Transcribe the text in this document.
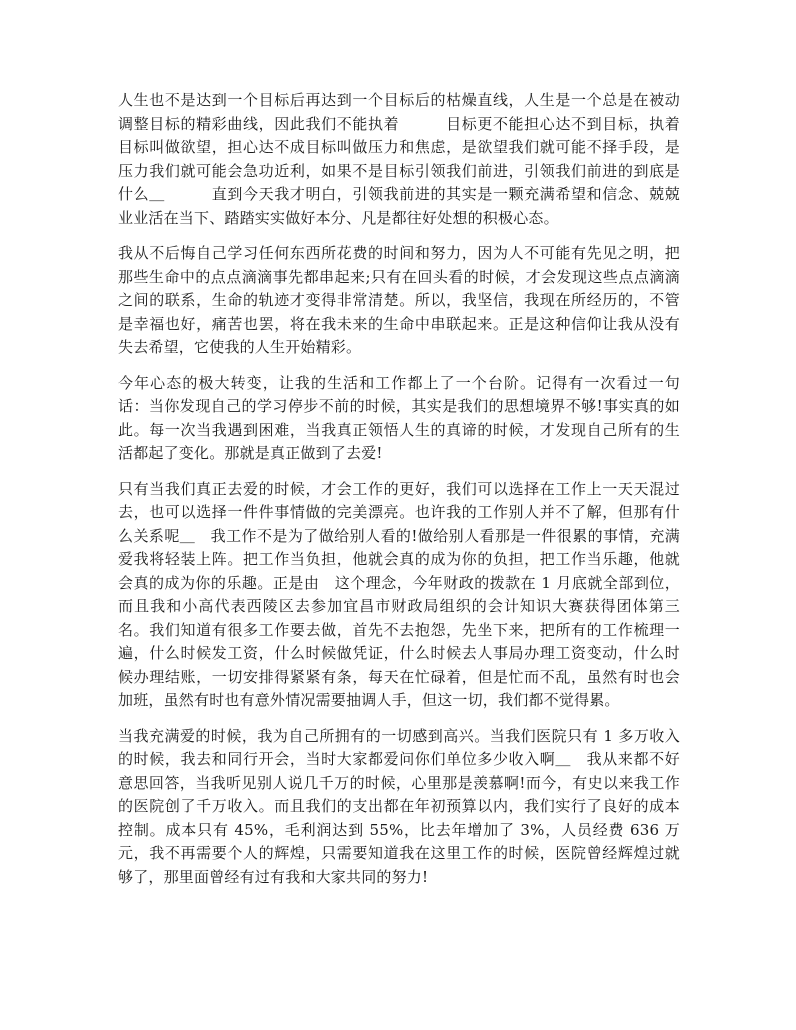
人生也不是达到一个目标后再达到一个目标后的枯燥直线，人生是一个总是在被动调整目标的精彩曲线，因此我们不能执着　　　目标更不能担心达不到目标，执着　　　目标叫做欲望，担心达不成目标叫做压力和焦虑，是欲望我们就可能不择手段，是压力我们就可能会急功近利，如果不是目标引领我们前进，引领我们前进的到底是什么＿　　　直到今天我才明白，引领我前进的其实是一颗充满希望和信念、兢兢业业活在当下、踏踏实实做好本分、凡是都往好处想的积极心态。

我从不后悔自己学习任何东西所花费的时间和努力，因为人不可能有先见之明，把那些生命中的点点滴滴事先都串起来;只有在回头看的时候，才会发现这些点点滴滴之间的联系，生命的轨迹才变得非常清楚。所以，我坚信，我现在所经历的，不管是幸福也好，痛苦也罢，将在我未来的生命中串联起来。正是这种信仰让我从没有失去希望，它使我的人生开始精彩。

今年心态的极大转变，让我的生活和工作都上了一个台阶。记得有一次看过一句话：当你发现自己的学习停步不前的时候，其实是我们的思想境界不够!事实真的如此。每一次当我遇到困难，当我真正领悟人生的真谛的时候，才发现自己所有的生活都起了变化。那就是真正做到了去爱!

只有当我们真正去爱的时候，才会工作的更好，我们可以选择在工作上一天天混过去，也可以选择一件件事情做的完美漂亮。也许我的工作别人并不了解，但那有什么关系呢＿　我工作不是为了做给别人看的!做给别人看那是一件很累的事情，充满爱我将轻装上阵。把工作当负担，他就会真的成为你的负担，把工作当乐趣，他就会真的成为你的乐趣。正是由　这个理念，今年财政的拨款在 1 月底就全部到位，而且我和小高代表西陵区去参加宜昌市财政局组织的会计知识大赛获得团体第三名。我们知道有很多工作要去做，首先不去抱怨，先坐下来，把所有的工作梳理一遍，什么时候发工资，什么时候做凭证，什么时候去人事局办理工资变动，什么时候办理结账，一切安排得紧紧有条，每天在忙碌着，但是忙而不乱，虽然有时也会加班，虽然有时也有意外情况需要抽调人手，但这一切，我们都不觉得累。

当我充满爱的时候，我为自己所拥有的一切感到高兴。当我们医院只有 1 多万收入的时候，我去和同行开会，当时大家都爱问你们单位多少收入啊＿　我从来都不好意思回答，当我听见别人说几千万的时候，心里那是羡慕啊!而今，有史以来我工作的医院创了千万收入。而且我们的支出都在年初预算以内，我们实行了良好的成本控制。成本只有 45%，毛利润达到 55%，比去年增加了 3%，人员经费 636 万元，我不再需要个人的辉煌，只需要知道我在这里工作的时候，医院曾经辉煌过就够了，那里面曾经有过有我和大家共同的努力!
